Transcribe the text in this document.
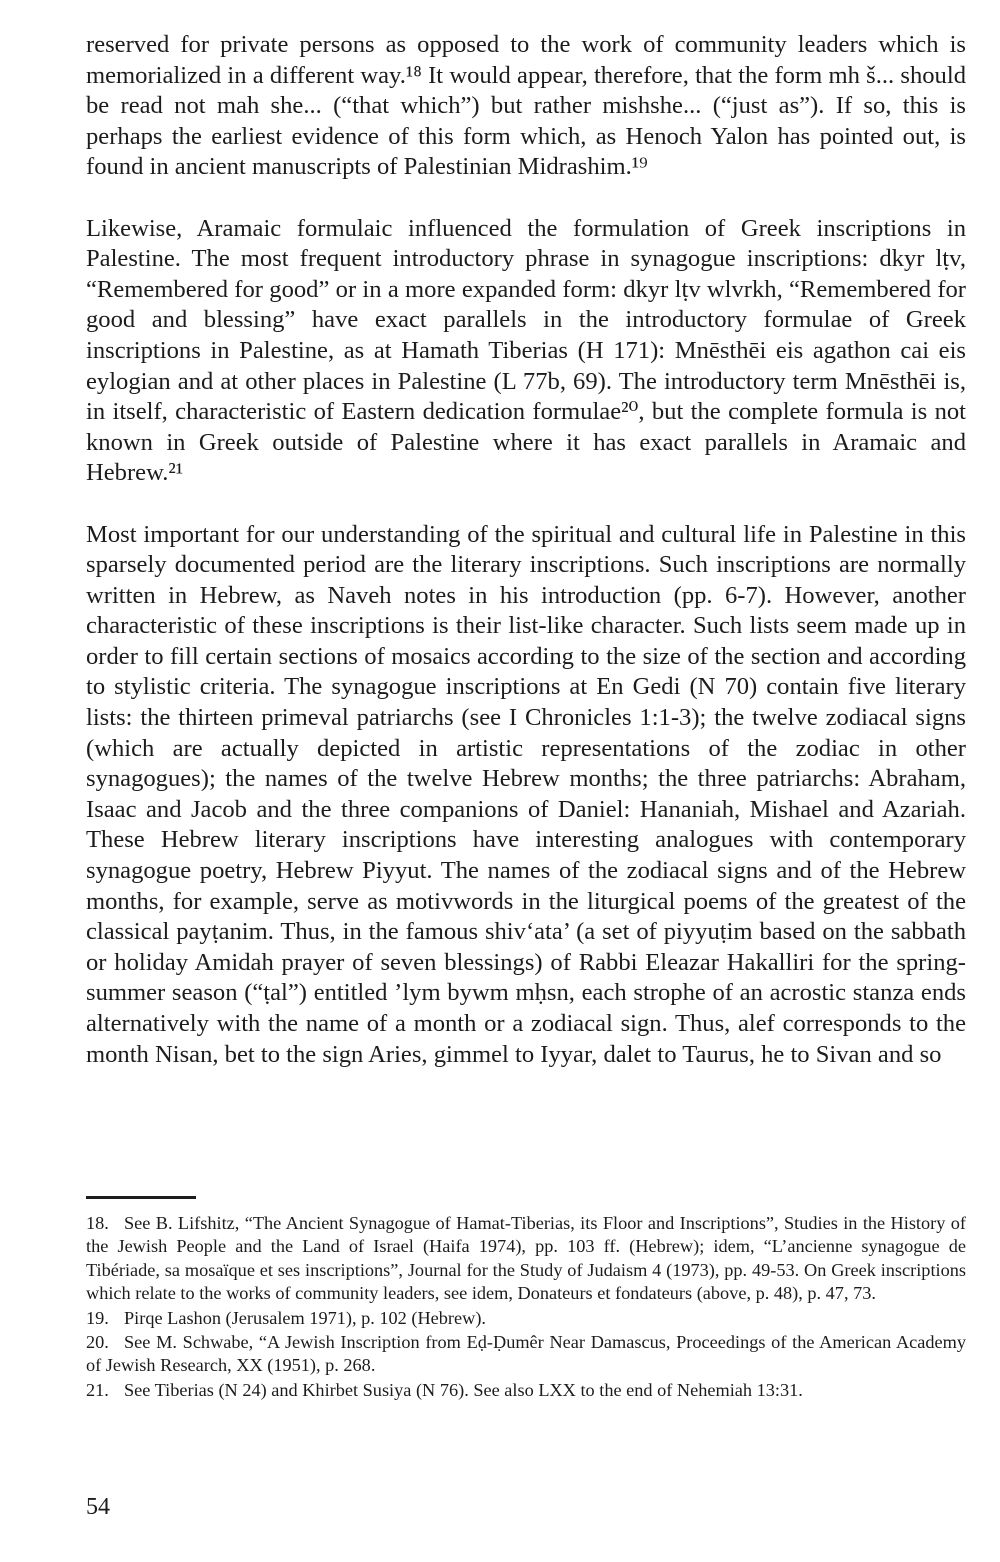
reserved for private persons as opposed to the work of community leaders which is memorialized in a different way.¹⁸ It would appear, therefore, that the form mh š... should be read not mah she... (“that which”) but rather mishshe... (“just as”). If so, this is perhaps the earliest evidence of this form which, as Henoch Yalon has pointed out, is found in ancient manuscripts of Palestinian Midrashim.¹⁹

Likewise, Aramaic formulaic influenced the formulation of Greek inscriptions in Palestine. The most frequent introductory phrase in synagogue inscriptions: dkyr lṭv, “Remembered for good” or in a more expanded form: dkyr lṭv wlvrkh, “Remembered for good and blessing” have exact parallels in the introductory formulae of Greek inscriptions in Palestine, as at Hamath Tiberias (H 171): Mnēsthēi eis agathon cai eis eylogian and at other places in Palestine (L 77b, 69). The introductory term Mnēsthēi is, in itself, characteristic of Eastern dedication formulae²⁰, but the complete formula is not known in Greek outside of Palestine where it has exact parallels in Aramaic and Hebrew.²¹

Most important for our understanding of the spiritual and cultural life in Palestine in this sparsely documented period are the literary inscriptions. Such inscriptions are normally written in Hebrew, as Naveh notes in his introduction (pp. 6-7). However, another characteristic of these inscriptions is their list-like character. Such lists seem made up in order to fill certain sections of mosaics according to the size of the section and according to stylistic criteria. The synagogue inscriptions at En Gedi (N 70) contain five literary lists: the thirteen primeval patriarchs (see I Chronicles 1:1-3); the twelve zodiacal signs (which are actually depicted in artistic representations of the zodiac in other synagogues); the names of the twelve Hebrew months; the three patriarchs: Abraham, Isaac and Jacob and the three companions of Daniel: Hananiah, Mishael and Azariah. These Hebrew literary inscriptions have interesting analogues with contemporary synagogue poetry, Hebrew Piyyut. The names of the zodiacal signs and of the Hebrew months, for example, serve as motivwords in the liturgical poems of the greatest of the classical payṭanim. Thus, in the famous shiv‘ata’ (a set of piyyuṭim based on the sabbath or holiday Amidah prayer of seven blessings) of Rabbi Eleazar Hakalliri for the spring-summer season (“ṭal”) entitled ’lym bywm mḥsn, each strophe of an acrostic stanza ends alternatively with the name of a month or a zodiacal sign. Thus, alef corresponds to the month Nisan, bet to the sign Aries, gimmel to Iyyar, dalet to Taurus, he to Sivan and so

18. See B. Lifshitz, “The Ancient Synagogue of Hamat-Tiberias, its Floor and Inscriptions”, Studies in the History of the Jewish People and the Land of Israel (Haifa 1974), pp. 103 ff. (Hebrew); idem, “L’ancienne synagogue de Tibériade, sa mosaïque et ses inscriptions”, Journal for the Study of Judaism 4 (1973), pp. 49-53. On Greek inscriptions which relate to the works of community leaders, see idem, Donateurs et fondateurs (above, p. 48), p. 47, 73.

19. Pirqe Lashon (Jerusalem 1971), p. 102 (Hebrew).

20. See M. Schwabe, “A Jewish Inscription from Eḍ-Ḍumêr Near Damascus, Proceedings of the American Academy of Jewish Research, XX (1951), p. 268.

21. See Tiberias (N 24) and Khirbet Susiya (N 76). See also LXX to the end of Nehemiah 13:31.

54
